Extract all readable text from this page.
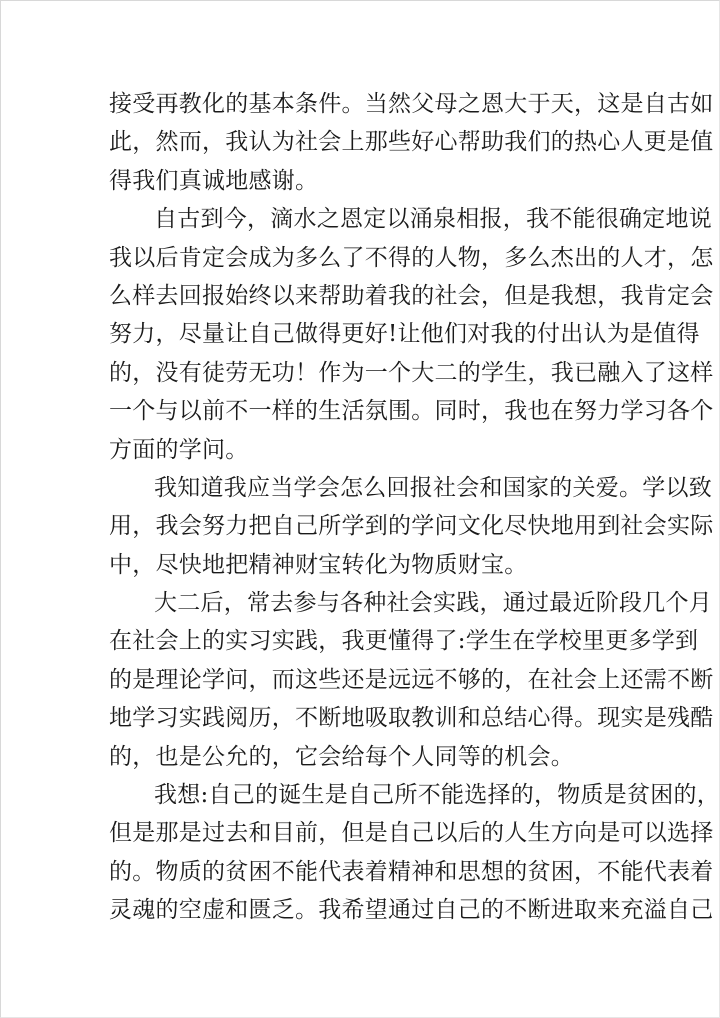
接受再教化的基本条件。当然父母之恩大于天，这是自古如
此，然而，我认为社会上那些好心帮助我们的热心人更是值
得我们真诚地感谢。
自古到今，滴水之恩定以涌泉相报，我不能很确定地说
我以后肯定会成为多么了不得的人物，多么杰出的人才，怎
么样去回报始终以来帮助着我的社会，但是我想，我肯定会
努力，尽量让自己做得更好!让他们对我的付出认为是值得
的，没有徒劳无功！作为一个大二的学生，我已融入了这样
一个与以前不一样的生活氛围。同时，我也在努力学习各个
方面的学问。
我知道我应当学会怎么回报社会和国家的关爱。学以致
用，我会努力把自己所学到的学问文化尽快地用到社会实际
中，尽快地把精神财宝转化为物质财宝。
大二后，常去参与各种社会实践，通过最近阶段几个月
在社会上的实习实践，我更懂得了:学生在学校里更多学到
的是理论学问，而这些还是远远不够的，在社会上还需不断
地学习实践阅历，不断地吸取教训和总结心得。现实是残酷
的，也是公允的，它会给每个人同等的机会。
我想:自己的诞生是自己所不能选择的，物质是贫困的，
但是那是过去和目前，但是自己以后的人生方向是可以选择
的。物质的贫困不能代表着精神和思想的贫困，不能代表着
灵魂的空虚和匮乏。我希望通过自己的不断进取来充溢自己
